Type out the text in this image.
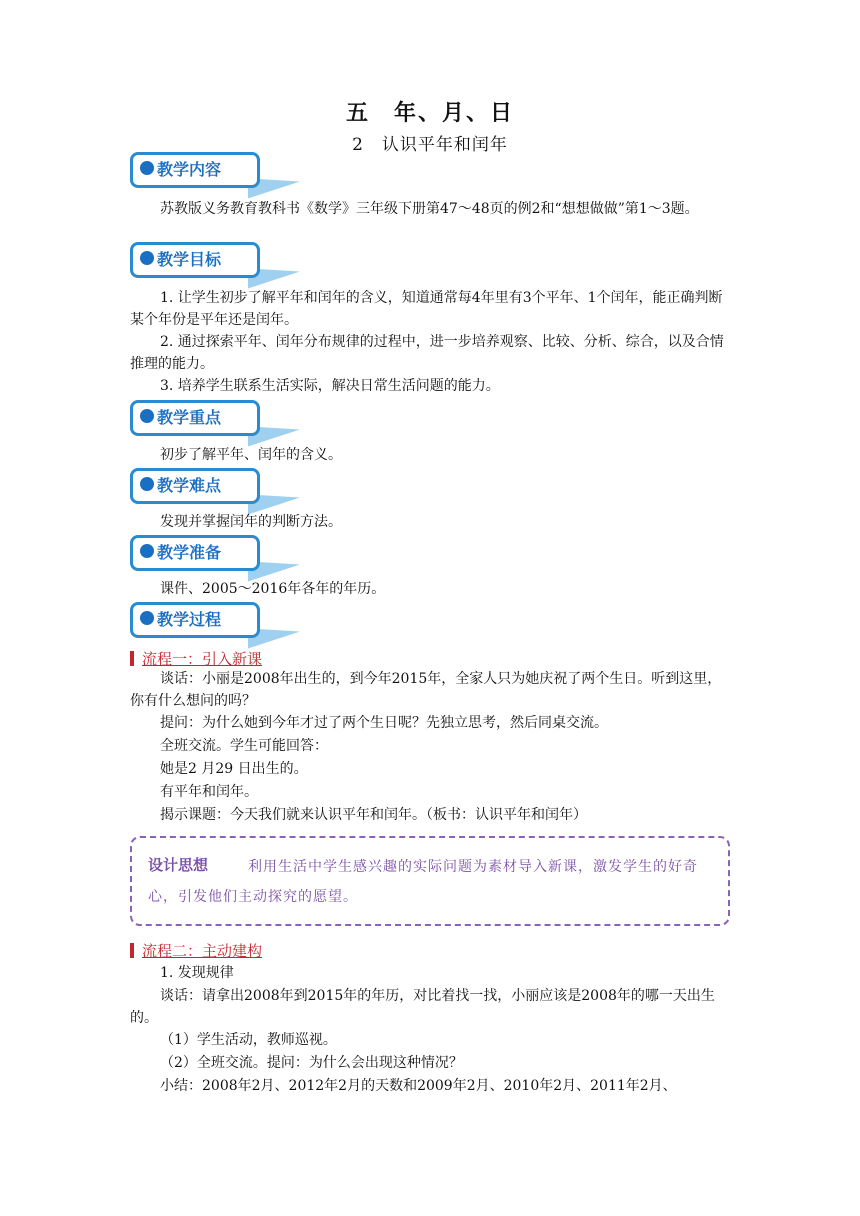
五　年、月、日
2　认识平年和闰年
教学内容

苏教版义务教育教科书《数学》三年级下册第47～48页的例2和“想想做做”第1～3题。

教学目标

1. 让学生初步了解平年和闰年的含义，知道通常每4年里有3个平年、1个闰年，能正确判断某个年份是平年还是闰年。

2. 通过探索平年、闰年分布规律的过程中，进一步培养观察、比较、分析、综合，以及合情推理的能力。

3. 培养学生联系生活实际，解决日常生活问题的能力。

教学重点

初步了解平年、闰年的含义。

教学难点

发现并掌握闰年的判断方法。

教学准备

课件、2005～2016年各年的年历。

教学过程
流程一：引入新课

谈话：小丽是2008年出生的，到今年2015年，全家人只为她庆祝了两个生日。听到这里，你有什么想问的吗？

提问：为什么她到今年才过了两个生日呢？先独立思考，然后同桌交流。

全班交流。学生可能回答：

她是2 月29 日出生的。

有平年和闰年。

揭示课题：今天我们就来认识平年和闰年。（板书：认识平年和闰年）

利用生活中学生感兴趣的实际问题为素材导入新课，激发学生的好奇心，引发他们主动探究的愿望。
设计思想
流程二：主动建构

1. 发现规律

谈话：请拿出2008年到2015年的年历，对比着找一找，小丽应该是2008年的哪一天出生的。

（1）学生活动，教师巡视。

（2）全班交流。提问：为什么会出现这种情况？

小结：2008年2月、2012年2月的天数和2009年2月、2010年2月、2011年2月、
